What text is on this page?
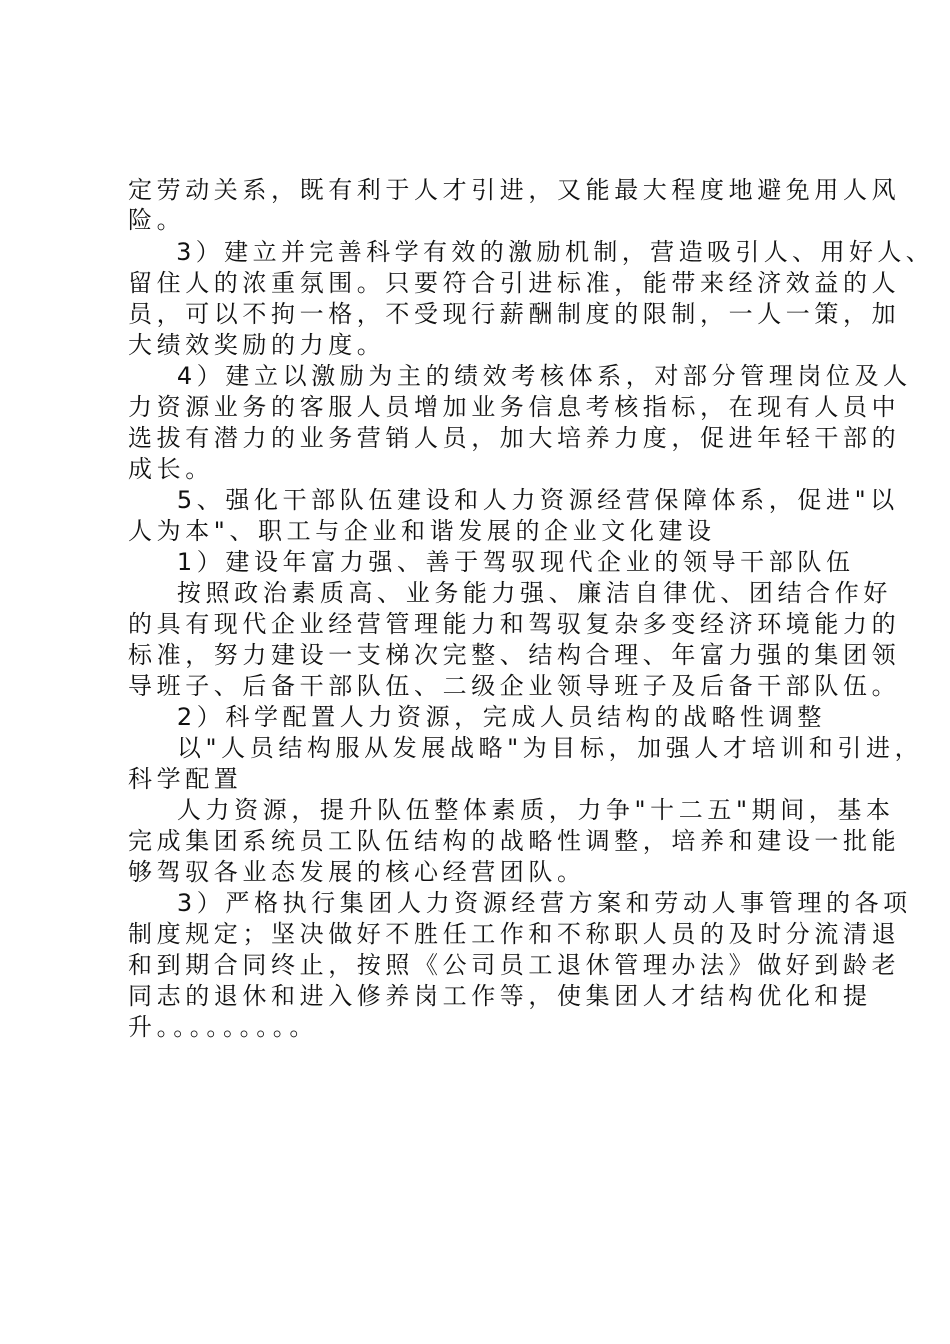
定劳动关系，既有利于人才引进，又能最大程度地避免用人风

险。

3）建立并完善科学有效的激励机制，营造吸引人、用好人、

留住人的浓重氛围。只要符合引进标准，能带来经济效益的人

员，可以不拘一格，不受现行薪酬制度的限制，一人一策，加

大绩效奖励的力度。

4）建立以激励为主的绩效考核体系，对部分管理岗位及人

力资源业务的客服人员增加业务信息考核指标，在现有人员中

选拔有潜力的业务营销人员，加大培养力度，促进年轻干部的

成长。

5、强化干部队伍建设和人力资源经营保障体系，促进"以

人为本"、职工与企业和谐发展的企业文化建设

1）建设年富力强、善于驾驭现代企业的领导干部队伍

按照政治素质高、业务能力强、廉洁自律优、团结合作好

的具有现代企业经营管理能力和驾驭复杂多变经济环境能力的

标准，努力建设一支梯次完整、结构合理、年富力强的集团领

导班子、后备干部队伍、二级企业领导班子及后备干部队伍。

2）科学配置人力资源，完成人员结构的战略性调整

以"人员结构服从发展战略"为目标，加强人才培训和引进，

科学配置

人力资源，提升队伍整体素质，力争"十二五"期间，基本

完成集团系统员工队伍结构的战略性调整，培养和建设一批能

够驾驭各业态发展的核心经营团队。

3）严格执行集团人力资源经营方案和劳动人事管理的各项

制度规定；坚决做好不胜任工作和不称职人员的及时分流清退

和到期合同终止，按照《公司员工退休管理办法》做好到龄老

同志的退休和进入修养岗工作等，使集团人才结构优化和提

升。。。。。。。。。
